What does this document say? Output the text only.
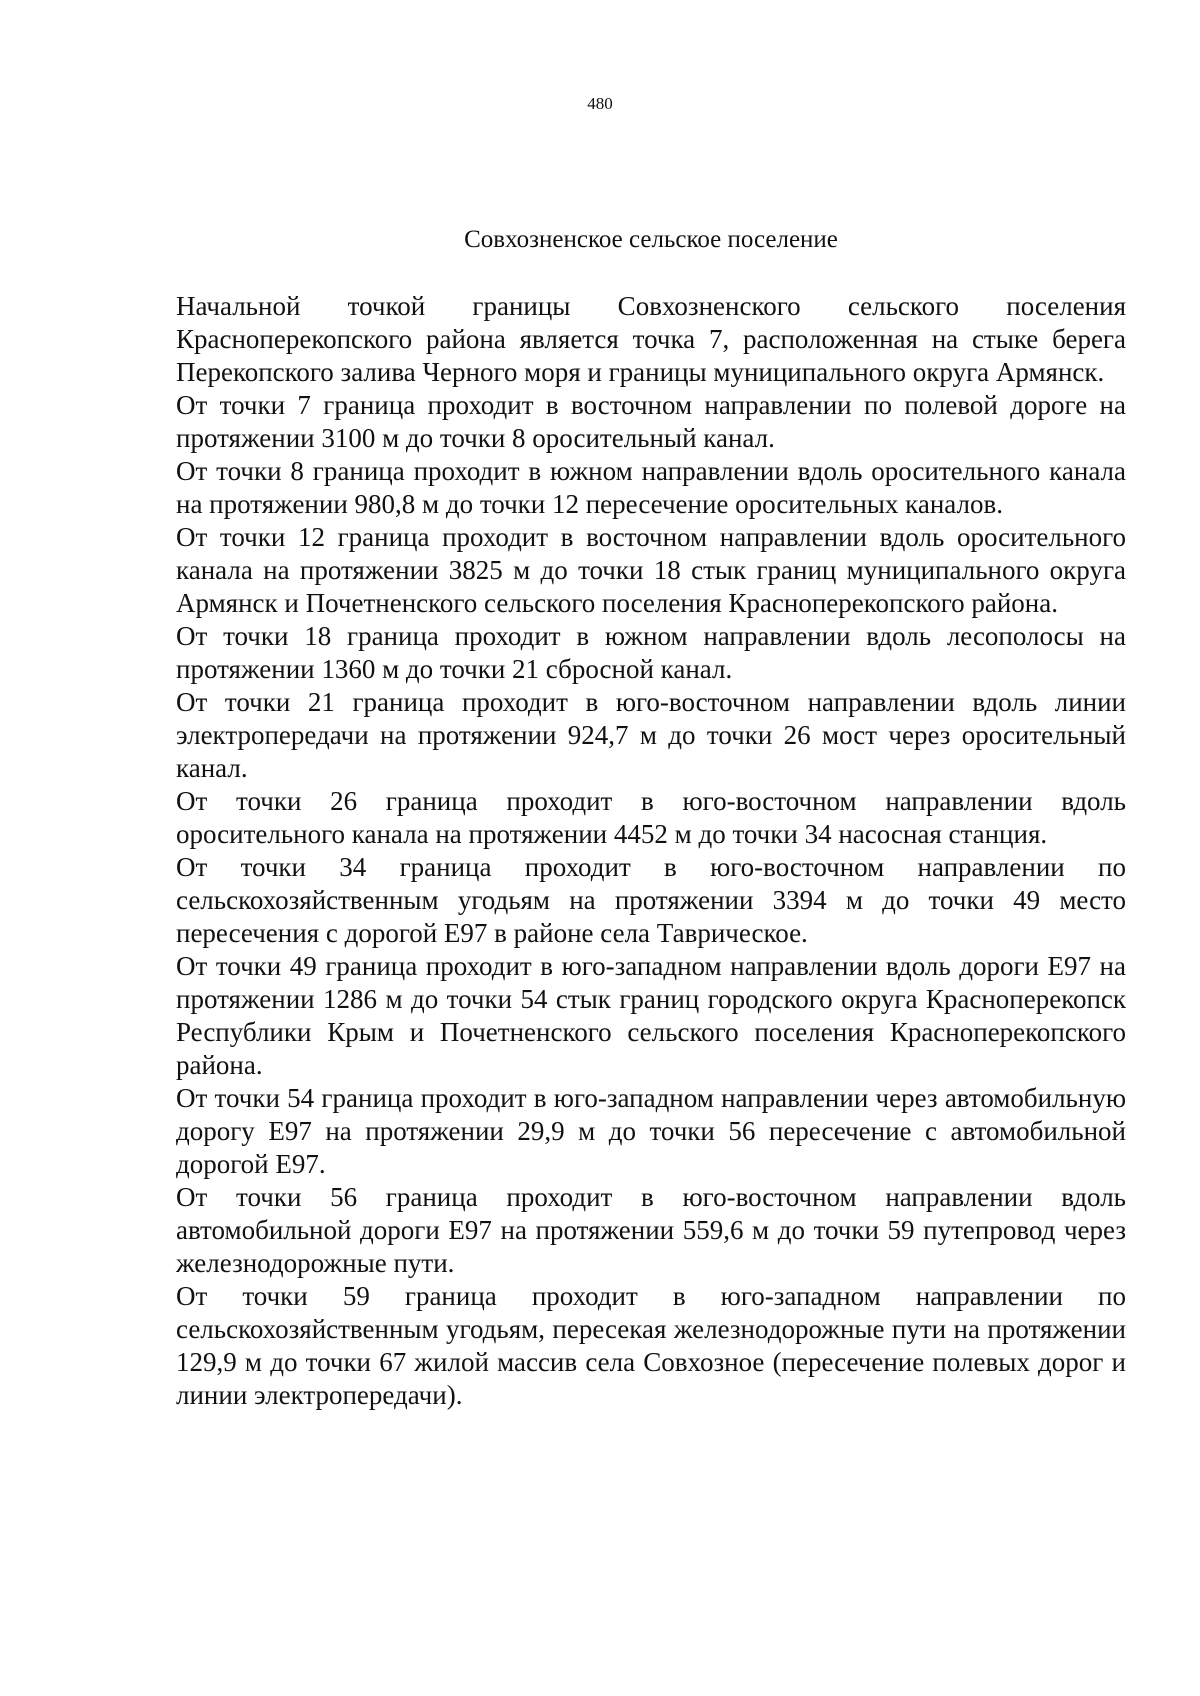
480
Совхозненское сельское поселение

Начальной точкой границы Совхозненского сельского поселения Красноперекопского района является точка 7, расположенная на стыке берега Перекопского залива Черного моря и границы муниципального округа Армянск.

От точки 7 граница проходит в восточном направлении по полевой дороге на протяжении 3100 м до точки 8 оросительный канал.

От точки 8 граница проходит в южном направлении вдоль оросительного канала на протяжении 980,8 м до точки 12 пересечение оросительных каналов.

От точки 12 граница проходит в восточном направлении вдоль оросительного канала на протяжении 3825 м до точки 18 стык границ муниципального округа Армянск и Почетненского сельского поселения Красноперекопского района.

От точки 18 граница проходит в южном направлении вдоль лесополосы на протяжении 1360 м до точки 21 сбросной канал.

От точки 21 граница проходит в юго-восточном направлении вдоль линии электропередачи на протяжении 924,7 м до точки 26 мост через оросительный канал.

От точки 26 граница проходит в юго-восточном направлении вдоль оросительного канала на протяжении 4452 м до точки 34 насосная станция.

От точки 34 граница проходит в юго-восточном направлении по сельскохозяйственным угодьям на протяжении 3394 м до точки 49 место пересечения с дорогой Е97 в районе села Таврическое.

От точки 49 граница проходит в юго-западном направлении вдоль дороги Е97 на протяжении 1286 м до точки 54 стык границ городского округа Красноперекопск Республики Крым и Почетненского сельского поселения Красноперекопского района.

От точки 54 граница проходит в юго-западном направлении через автомобильную дорогу Е97 на протяжении 29,9 м до точки 56 пересечение с автомобильной дорогой Е97.

От точки 56 граница проходит в юго-восточном направлении вдоль автомобильной дороги Е97 на протяжении 559,6 м до точки 59 путепровод через железнодорожные пути.

От точки 59 граница проходит в юго-западном направлении по сельскохозяйственным угодьям, пересекая железнодорожные пути на протяжении 129,9 м до точки 67 жилой массив села Совхозное (пересечение полевых дорог и линии электропередачи).
